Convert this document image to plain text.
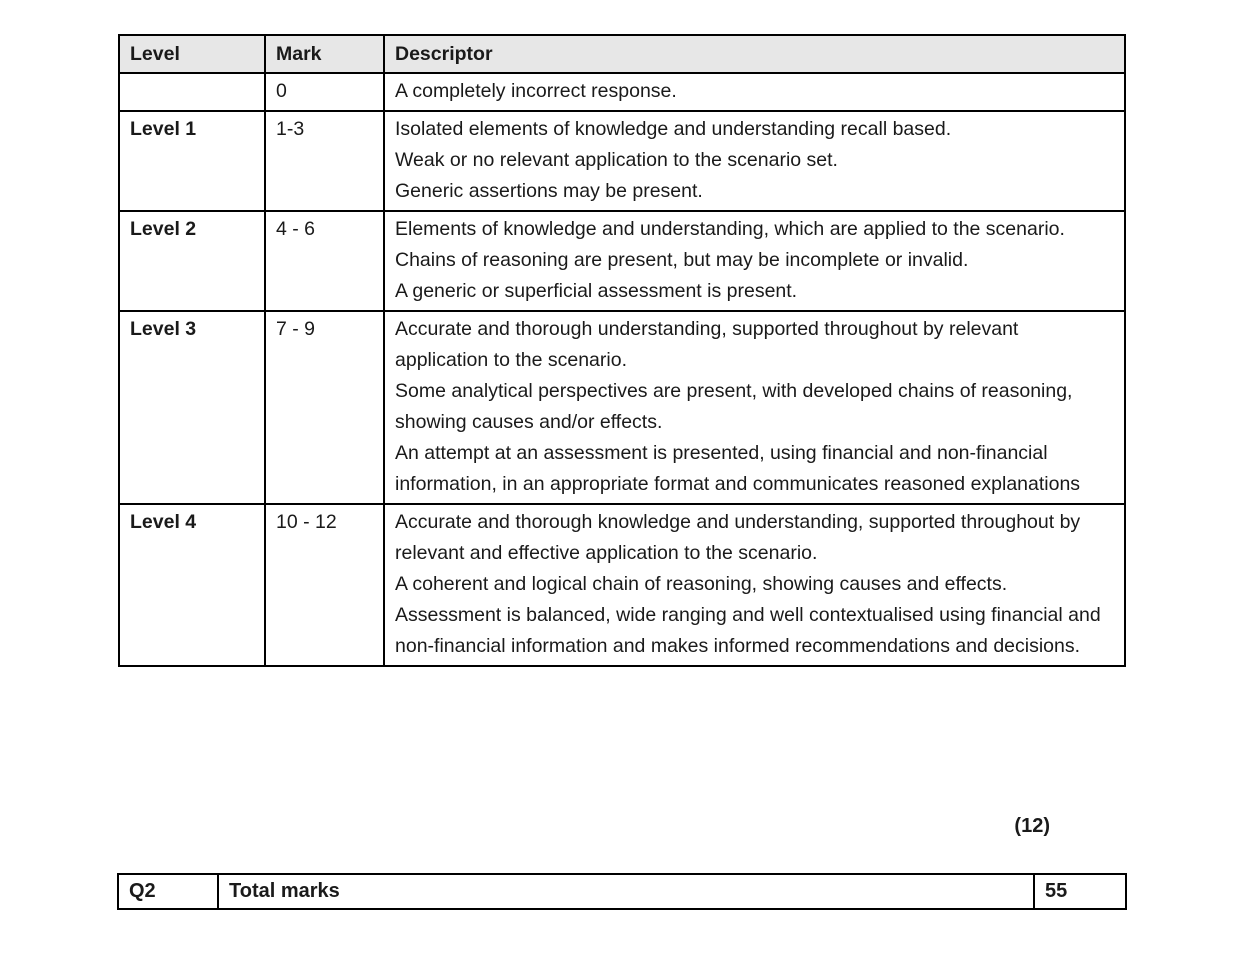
Level	Mark	Descriptor
	0	A completely incorrect response.

Level 1	1-3	Isolated elements of knowledge and understanding recall based.
Weak or no relevant application to the scenario set.
Generic assertions may be present.

Level 2	4 - 6	Elements of knowledge and understanding, which are applied to the scenario.
Chains of reasoning are present, but may be incomplete or invalid.
A generic or superficial assessment is present.

Level 3	7 - 9	Accurate and thorough understanding, supported throughout by relevant application to the scenario.
Some analytical perspectives are present, with developed chains of reasoning, showing causes and/or effects.
An attempt at an assessment is presented, using financial and non-financial information, in an appropriate format and communicates reasoned explanations

Level 4	10 - 12	Accurate and thorough knowledge and understanding, supported throughout by relevant and effective application to the scenario.
A coherent and logical chain of reasoning, showing causes and effects.
Assessment is balanced, wide ranging and well contextualised using financial and non-financial information and makes informed recommendations and decisions.
(12)
Q2	Total marks	55
